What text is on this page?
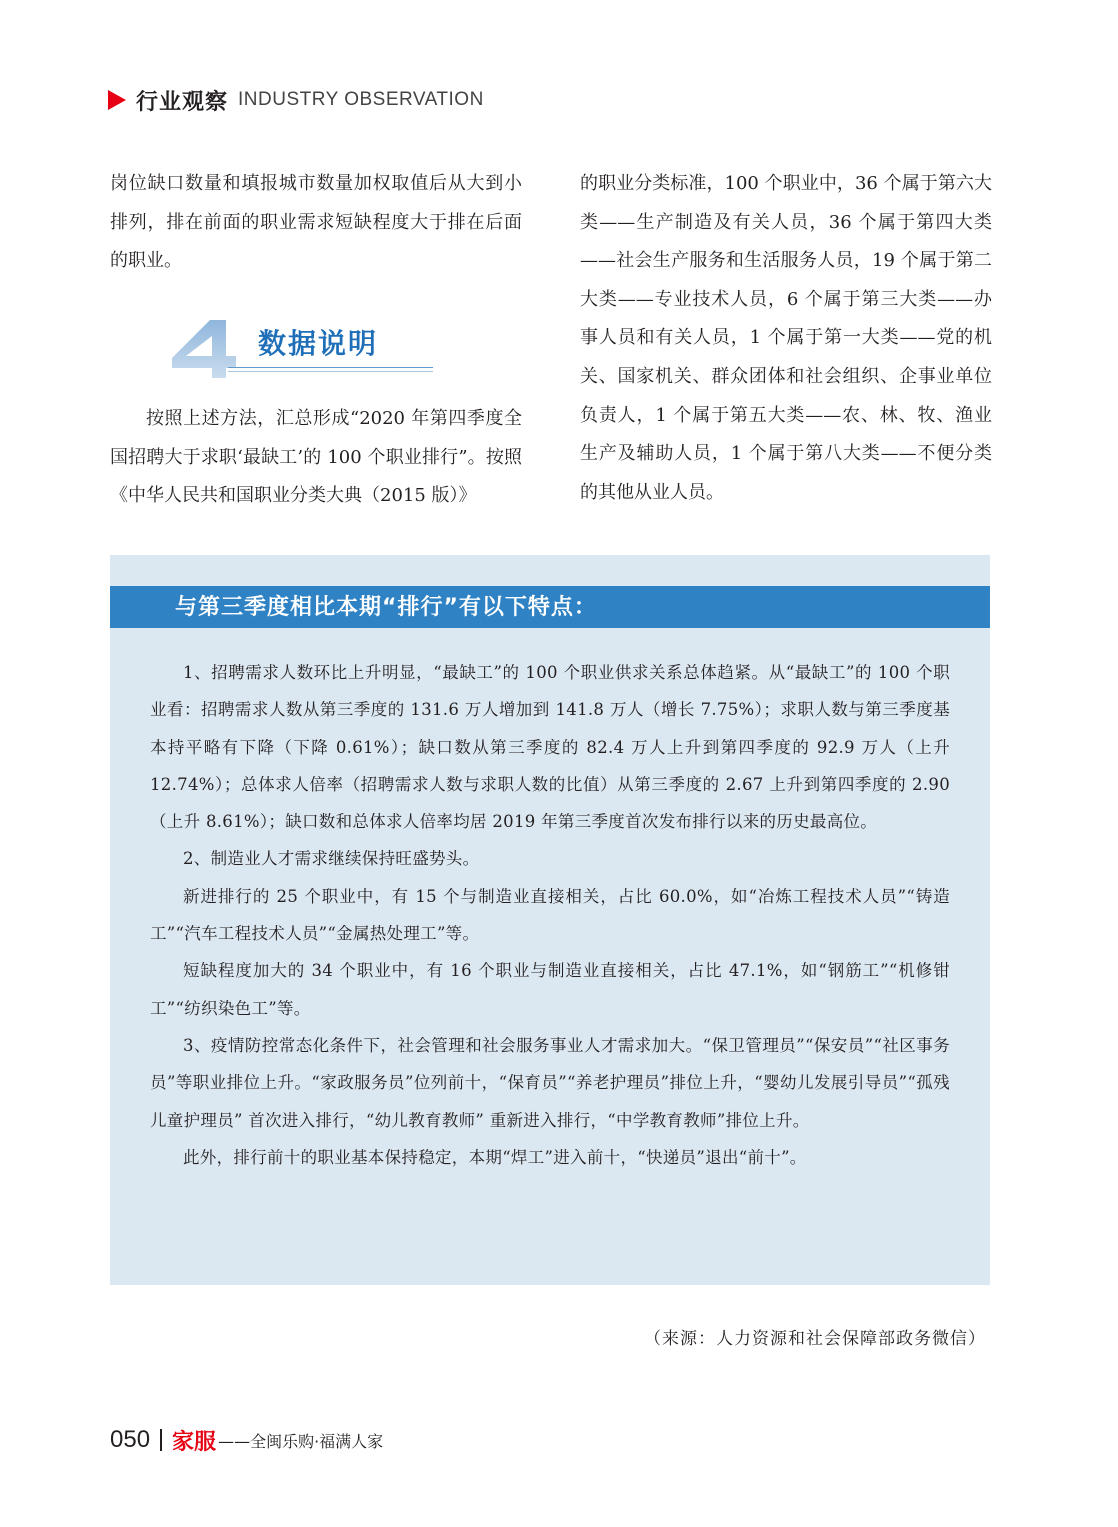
行业观察 INDUSTRY OBSERVATION

岗位缺口数量和填报城市数量加权取值后从大到小排列，排在前面的职业需求短缺程度大于排在后面的职业。

数据说明

按照上述方法，汇总形成“2020 年第四季度全国招聘大于求职‘最缺工’的 100 个职业排行”。按照《中华人民共和国职业分类大典（2015 版）》

的职业分类标准，100 个职业中，36 个属于第六大类——生产制造及有关人员，36 个属于第四大类——社会生产服务和生活服务人员，19 个属于第二大类——专业技术人员，6 个属于第三大类——办事人员和有关人员，1 个属于第一大类——党的机关、国家机关、群众团体和社会组织、企事业单位负责人，1 个属于第五大类——农、林、牧、渔业生产及辅助人员，1 个属于第八大类——不便分类的其他从业人员。

与第三季度相比本期“排行”有以下特点：

1、招聘需求人数环比上升明显，“最缺工”的 100 个职业供求关系总体趋紧。从“最缺工”的 100 个职业看：招聘需求人数从第三季度的 131.6 万人增加到 141.8 万人（增长 7.75%）；求职人数与第三季度基本持平略有下降（下降 0.61%）；缺口数从第三季度的 82.4 万人上升到第四季度的 92.9 万人（上升 12.74%）；总体求人倍率（招聘需求人数与求职人数的比值）从第三季度的 2.67 上升到第四季度的 2.90（上升 8.61%）；缺口数和总体求人倍率均居 2019 年第三季度首次发布排行以来的历史最高位。

2、制造业人才需求继续保持旺盛势头。

新进排行的 25 个职业中，有 15 个与制造业直接相关，占比 60.0%，如“冶炼工程技术人员”“铸造工”“汽车工程技术人员”“金属热处理工”等。

短缺程度加大的 34 个职业中，有 16 个职业与制造业直接相关，占比 47.1%，如“钢筋工”“机修钳工”“纺织染色工”等。

3、疫情防控常态化条件下，社会管理和社会服务事业人才需求加大。“保卫管理员”“保安员”“社区事务员”等职业排位上升。“家政服务员”位列前十，“保育员”“养老护理员”排位上升，“婴幼儿发展引导员”“孤残儿童护理员” 首次进入排行，“幼儿教育教师” 重新进入排行，“中学教育教师”排位上升。

此外，排行前十的职业基本保持稳定，本期“焊工”进入前十，“快递员”退出“前十”。

（来源：人力资源和社会保障部政务微信）
050 家服 ——全闽乐购·福满人家
